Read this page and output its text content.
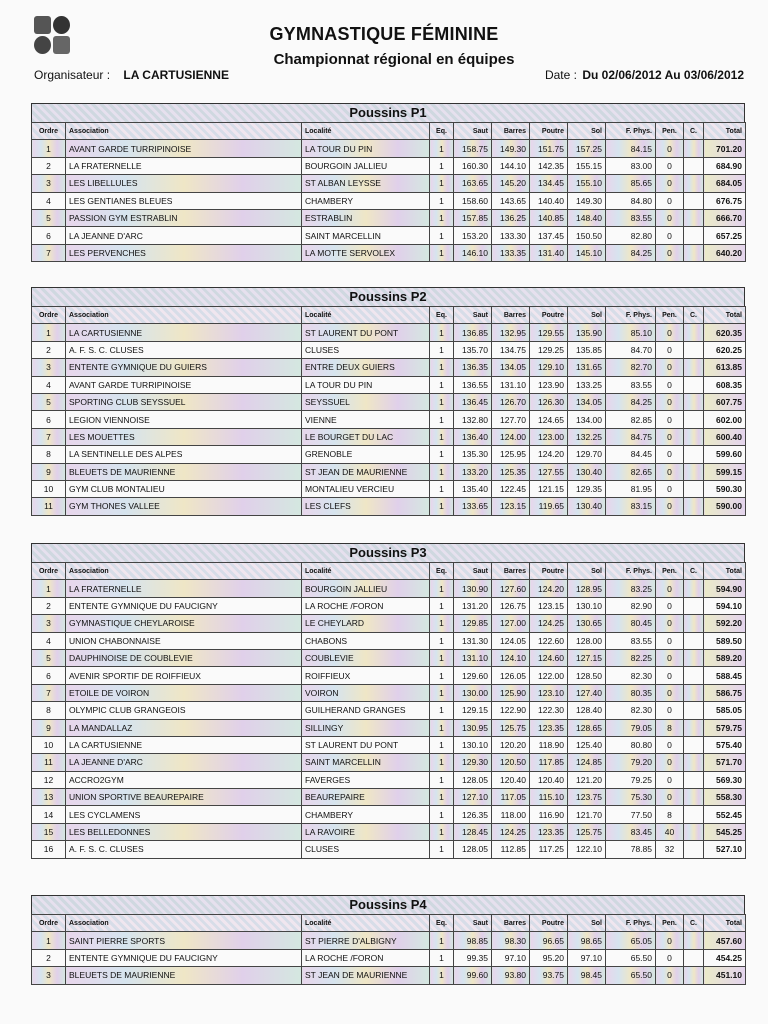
GYMNASTIQUE FÉMININE
Championnat régional en équipes
Organisateur : LA CARTUSIENNE	Date : Du 02/06/2012 Au 03/06/2012
Poussins P1
Ordre	Association	Localité	Eq.	Saut	Barres	Poutre	Sol	F. Phys.	Pen.	C.	Total
1	AVANT GARDE TURRIPINOISE	LA TOUR DU PIN	1	158.75	149.30	151.75	157.25	84.15	0		701.20
2	LA FRATERNELLE	BOURGOIN JALLIEU	1	160.30	144.10	142.35	155.15	83.00	0		684.90
3	LES LIBELLULES	ST ALBAN LEYSSE	1	163.65	145.20	134.45	155.10	85.65	0		684.05
4	LES GENTIANES BLEUES	CHAMBERY	1	158.60	143.65	140.40	149.30	84.80	0		676.75
5	PASSION GYM ESTRABLIN	ESTRABLIN	1	157.85	136.25	140.85	148.40	83.55	0		666.70
6	LA JEANNE D'ARC	SAINT MARCELLIN	1	153.20	133.30	137.45	150.50	82.80	0		657.25
7	LES PERVENCHES	LA MOTTE SERVOLEX	1	146.10	133.35	131.40	145.10	84.25	0		640.20
Poussins P2
Ordre	Association	Localité	Eq.	Saut	Barres	Poutre	Sol	F. Phys.	Pen.	C.	Total
1	LA CARTUSIENNE	ST LAURENT DU PONT	1	136.85	132.95	129.55	135.90	85.10	0		620.35
2	A. F. S. C. CLUSES	CLUSES	1	135.70	134.75	129.25	135.85	84.70	0		620.25
3	ENTENTE GYMNIQUE DU GUIERS	ENTRE DEUX GUIERS	1	136.35	134.05	129.10	131.65	82.70	0		613.85
4	AVANT GARDE TURRIPINOISE	LA TOUR DU PIN	1	136.55	131.10	123.90	133.25	83.55	0		608.35
5	SPORTING CLUB SEYSSUEL	SEYSSUEL	1	136.45	126.70	126.30	134.05	84.25	0		607.75
6	LEGION VIENNOISE	VIENNE	1	132.80	127.70	124.65	134.00	82.85	0		602.00
7	LES MOUETTES	LE BOURGET DU LAC	1	136.40	124.00	123.00	132.25	84.75	0		600.40
8	LA SENTINELLE DES ALPES	GRENOBLE	1	135.30	125.95	124.20	129.70	84.45	0		599.60
9	BLEUETS DE MAURIENNE	ST JEAN DE MAURIENNE	1	133.20	125.35	127.55	130.40	82.65	0		599.15
10	GYM CLUB MONTALIEU	MONTALIEU VERCIEU	1	135.40	122.45	121.15	129.35	81.95	0		590.30
11	GYM THONES VALLEE	LES CLEFS	1	133.65	123.15	119.65	130.40	83.15	0		590.00
Poussins P3
Ordre	Association	Localité	Eq.	Saut	Barres	Poutre	Sol	F. Phys.	Pen.	C.	Total
1	LA FRATERNELLE	BOURGOIN JALLIEU	1	130.90	127.60	124.20	128.95	83.25	0		594.90
2	ENTENTE GYMNIQUE DU FAUCIGNY	LA ROCHE /FORON	1	131.20	126.75	123.15	130.10	82.90	0		594.10
3	GYMNASTIQUE CHEYLAROISE	LE CHEYLARD	1	129.85	127.00	124.25	130.65	80.45	0		592.20
4	UNION CHABONNAISE	CHABONS	1	131.30	124.05	122.60	128.00	83.55	0		589.50
5	DAUPHINOISE DE COUBLEVIE	COUBLEVIE	1	131.10	124.10	124.60	127.15	82.25	0		589.20
6	AVENIR SPORTIF DE ROIFFIEUX	ROIFFIEUX	1	129.60	126.05	122.00	128.50	82.30	0		588.45
7	ETOILE DE VOIRON	VOIRON	1	130.00	125.90	123.10	127.40	80.35	0		586.75
8	OLYMPIC CLUB GRANGEOIS	GUILHERAND GRANGES	1	129.15	122.90	122.30	128.40	82.30	0		585.05
9	LA MANDALLAZ	SILLINGY	1	130.95	125.75	123.35	128.65	79.05	8		579.75
10	LA CARTUSIENNE	ST LAURENT DU PONT	1	130.10	120.20	118.90	125.40	80.80	0		575.40
11	LA JEANNE D'ARC	SAINT MARCELLIN	1	129.30	120.50	117.85	124.85	79.20	0		571.70
12	ACCRO2GYM	FAVERGES	1	128.05	120.40	120.40	121.20	79.25	0		569.30
13	UNION SPORTIVE BEAUREPAIRE	BEAUREPAIRE	1	127.10	117.05	115.10	123.75	75.30	0		558.30
14	LES CYCLAMENS	CHAMBERY	1	126.35	118.00	116.90	121.70	77.50	8		552.45
15	LES BELLEDONNES	LA RAVOIRE	1	128.45	124.25	123.35	125.75	83.45	40		545.25
16	A. F. S. C. CLUSES	CLUSES	1	128.05	112.85	117.25	122.10	78.85	32		527.10
Poussins P4
Ordre	Association	Localité	Eq.	Saut	Barres	Poutre	Sol	F. Phys.	Pen.	C.	Total
1	SAINT PIERRE SPORTS	ST PIERRE D'ALBIGNY	1	98.85	98.30	96.65	98.65	65.05	0		457.60
2	ENTENTE GYMNIQUE DU FAUCIGNY	LA ROCHE /FORON	1	99.35	97.10	95.20	97.10	65.50	0		454.25
3	BLEUETS DE MAURIENNE	ST JEAN DE MAURIENNE	1	99.60	93.80	93.75	98.45	65.50	0		451.10
